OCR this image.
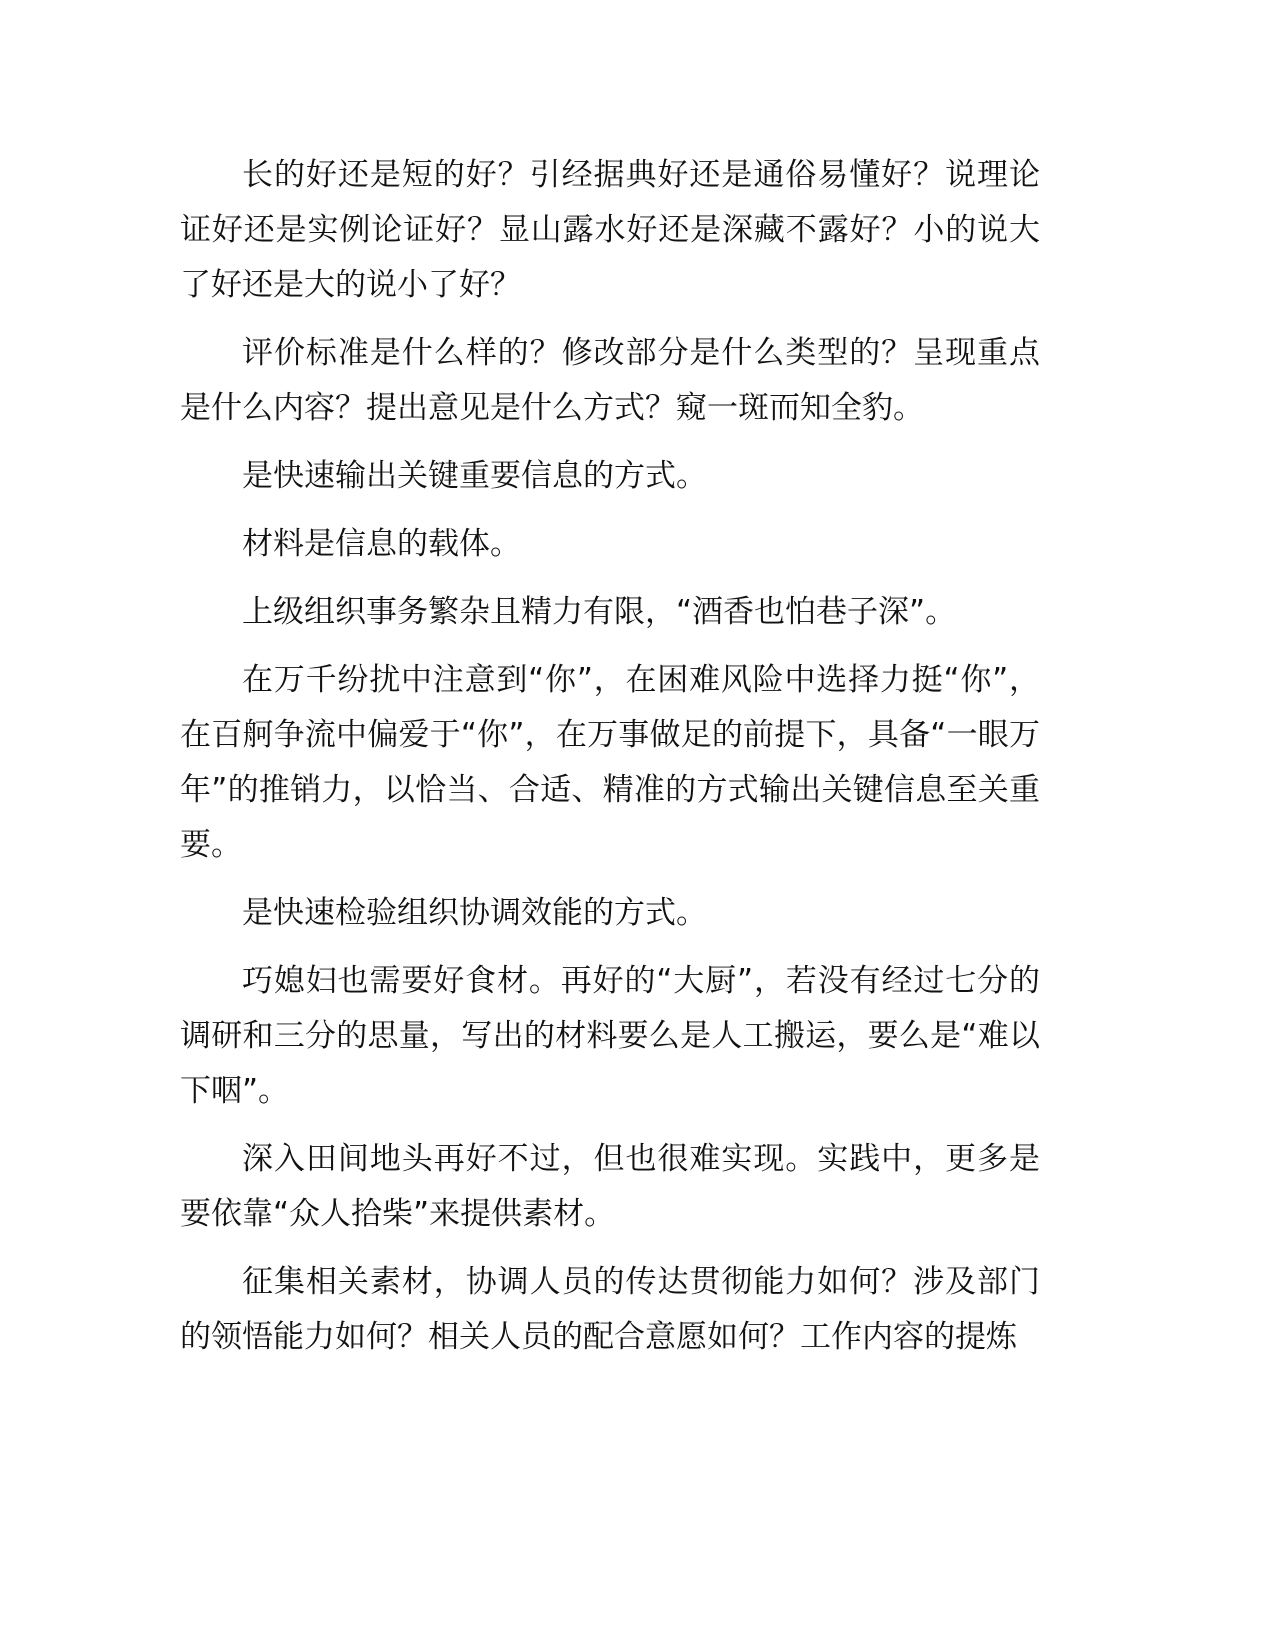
长的好还是短的好？引经据典好还是通俗易懂好？说理论证好还是实例论证好？显山露水好还是深藏不露好？小的说大了好还是大的说小了好？

评价标准是什么样的？修改部分是什么类型的？呈现重点是什么内容？提出意见是什么方式？窥一斑而知全豹。

是快速输出关键重要信息的方式。

材料是信息的载体。

上级组织事务繁杂且精力有限，“酒香也怕巷子深”。

在万千纷扰中注意到“你”，在困难风险中选择力挺“你”，在百舸争流中偏爱于“你”，在万事做足的前提下，具备“一眼万年”的推销力，以恰当、合适、精准的方式输出关键信息至关重要。

是快速检验组织协调效能的方式。

巧媳妇也需要好食材。再好的“大厨”，若没有经过七分的调研和三分的思量，写出的材料要么是人工搬运，要么是“难以下咽”。

深入田间地头再好不过，但也很难实现。实践中，更多是要依靠“众人拾柴”来提供素材。

征集相关素材，协调人员的传达贯彻能力如何？涉及部门的领悟能力如何？相关人员的配合意愿如何？工作内容的提炼
